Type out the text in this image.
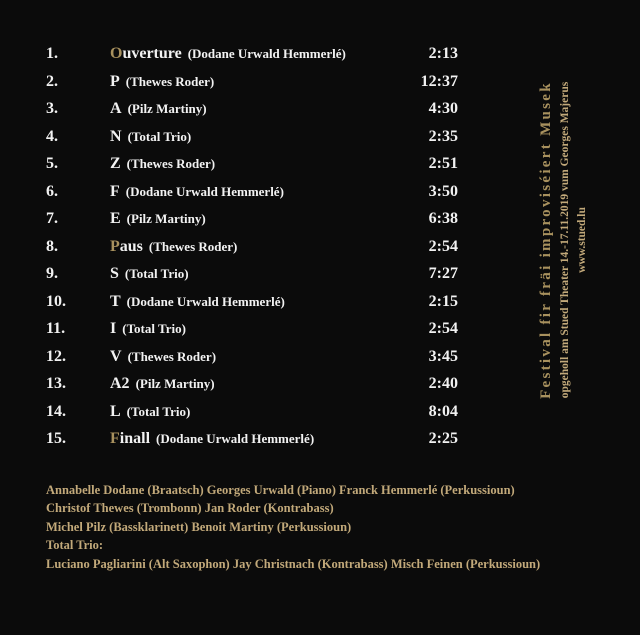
1.	Ouverture (Dodane Urwald Hemmerlé)	2:13
2.	P (Thewes Roder)	12:37
3.	A (Pilz Martiny)	4:30
4.	N (Total Trio)	2:35
5.	Z (Thewes Roder)	2:51
6.	F (Dodane Urwald Hemmerlé)	3:50
7.	E (Pilz Martiny)	6:38
8.	Paus (Thewes Roder)	2:54
9.	S (Total Trio)	7:27
10.	T (Dodane Urwald Hemmerlé)	2:15
11.	I (Total Trio)	2:54
12.	V (Thewes Roder)	3:45
13.	A2 (Pilz Martiny)	2:40
14.	L (Total Trio)	8:04
15.	Finall (Dodane Urwald Hemmerlé)	2:25
Annabelle Dodane (Braatsch) Georges Urwald (Piano) Franck Hemmerlé (Perkussioun)
Christof Thewes (Trombonn) Jan Roder (Kontrabass)
Michel Pilz (Bassklarinett) Benoit Martiny (Perkussioun)
Total Trio:
Luciano Pagliarini (Alt Saxophon) Jay Christnach (Kontrabass) Misch Feinen (Perkussioun)
Festival fir fräi improviséiert Musek opgeholl am Stued Theater 14.-17.11.2019 vum Georges Majerus www.stued.lu
